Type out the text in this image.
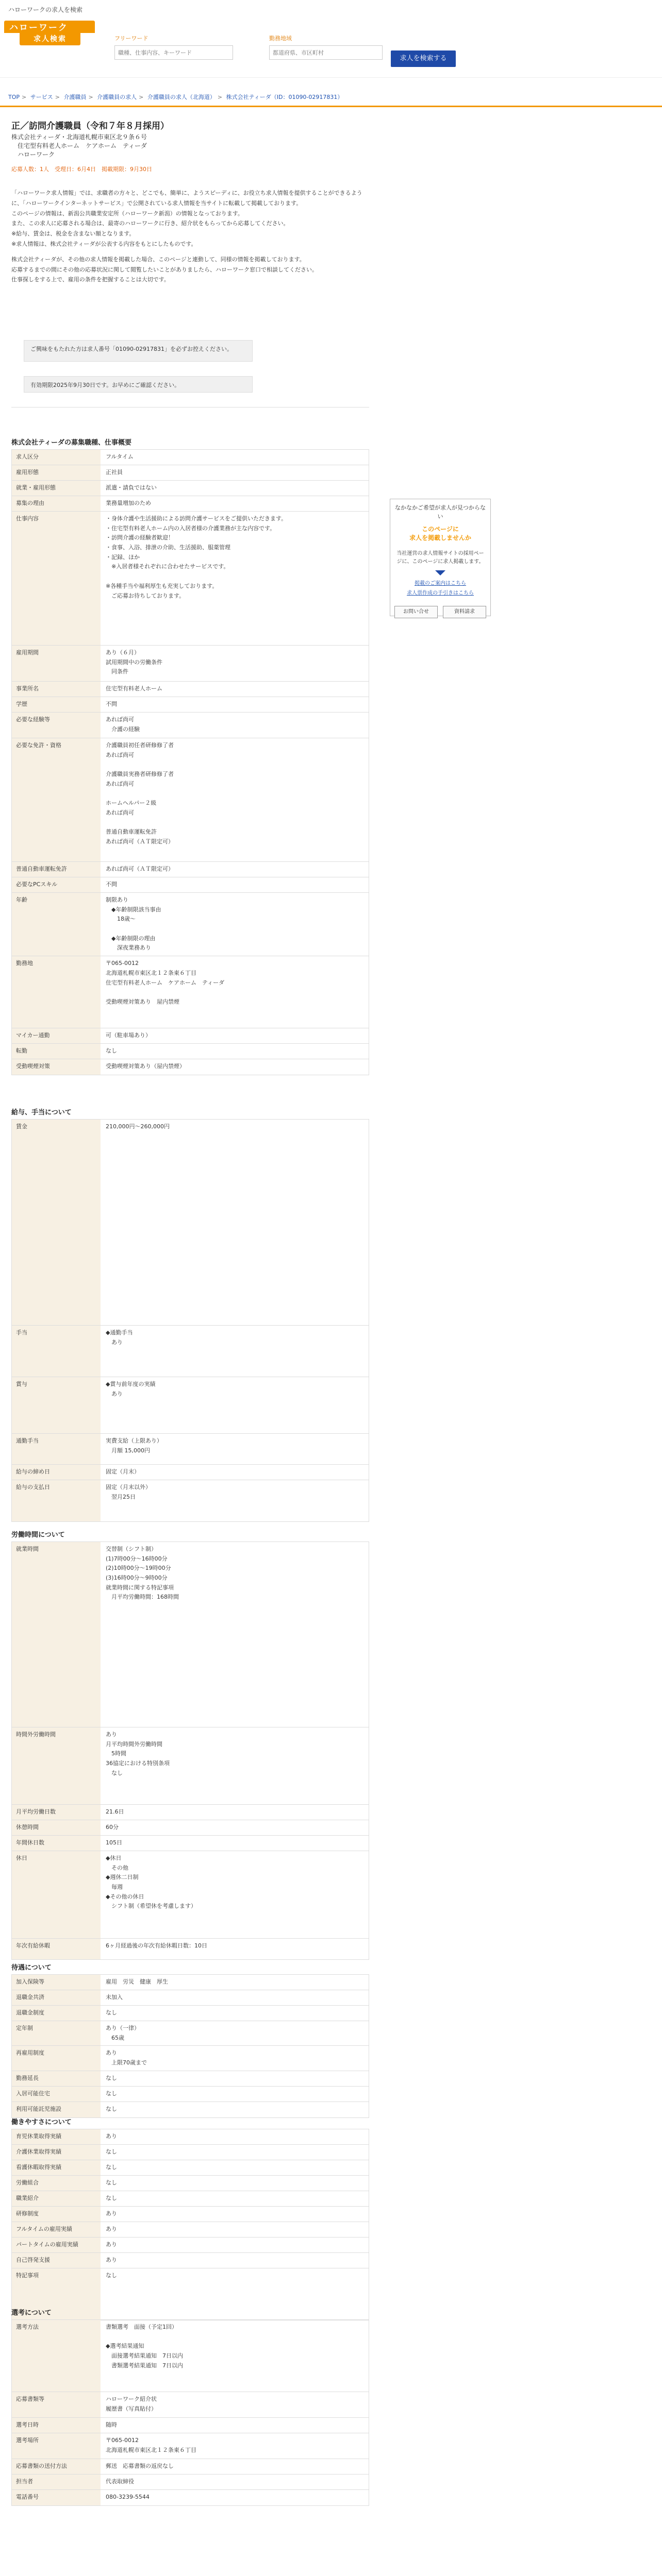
ハローワークの求人を検索
ハローワーク
求人検索	フリーワード
職種、仕事内容、キーワード	勤務地域
都道府県、市区町村
求人を検索する
TOP > サービス > 介護職員 > 介護職員の求人 > 介護職員の求人（北海道） > 株式会社ティーダ（ID：01090-02917831）
正／訪問介護職員（令和７年８月採用）
株式会社ティーダ・北海道札幌市東区北９条６号
　住宅型有料老人ホーム　ケアホーム　ティーダ
　ハローワーク
応募人数：1人　受理日：6月4日　掲載期限：9月30日

「ハローワーク求人情報」では、求職者の方々と、どこでも、簡単に、ようスピーディに、お役立ち求人情報を提供することができるように、「ハローワークインターネットサービス」で公開されている求人情報を当サイトに転載して掲載しております。

このページの情報は、新潟公共職業安定所（ハローワーク新潟）の情報となっております。

また、この求人に応募される場合は、最寄のハローワークに行き、紹介状をもらってから応募してください。

※給与、賃金は、税金を含まない額となります。

※求人情報は、株式会社ティーダが公表する内容をもとにしたものです。

株式会社ティーダが、その他の求人情報を掲載した場合、このページと連動して、同様の情報を掲載しております。

応募するまでの間にその他の応募状況に関して閲覧したいことがありましたら、ハローワーク窓口で相談してください。

仕事探しをする上で、雇用の条件を把握することは大切です。

ご興味をもたれた方は求人番号「01090-02917831」を必ずお控えください。
有効期限2025年9月30日です。お早めにご確認ください。
なかなかご希望が求人が見つからない
このページに
求人を掲載しませんか
当社運営の求人情報サイトの採用ページに、このページに求人掲載します。
掲載のご案内はこちら
求人票作成の手引きはこちら
お問い合せ	資料請求
株式会社ティーダの募集職種、仕事概要
求人区分	フルタイム
雇用形態	正社員
就業・雇用形態	派遣・請負ではない
募集の理由	業務量増加のため
仕事内容	・身体介護や生活援助による訪問介護サービスをご提供いただきます。
・住宅型有料老人ホーム内の入居者様の介護業務が主な内容です。
・訪問介護の経験者歓迎！
・食事、入浴、排泄の介助、生活援助、服薬管理
・記録、ほか
　※入居者様それぞれに合わせたサービスです。

※各種手当や福利厚生も充実しております。
　ご応募お待ちしております。
雇用期間	あり（６月）
試用期間中の労働条件
　同条件
事業所名	住宅型有料老人ホーム
学歴	不問
必要な経験等	あれば尚可
　介護の経験
必要な免許・資格	介護職員初任者研修修了者
あれば尚可

介護職員実務者研修修了者
あれば尚可

ホームヘルパー２級
あれば尚可

普通自動車運転免許
あれば尚可（ＡＴ限定可）
普通自動車運転免許	あれば尚可（ＡＴ限定可）
必要なPCスキル	不問
年齢	制限あり
　◆年齢制限該当事由
　　18歳〜

　◆年齢制限の理由
　　深夜業務あり
勤務地	〒065-0012
北海道札幌市東区北１２条東６丁目
住宅型有料老人ホーム　ケアホーム　ティーダ

受動喫煙対策あり　屋内禁煙
マイカー通勤	可（駐車場あり）
転勤	なし
受動喫煙対策	受動喫煙対策あり（屋内禁煙）
給与、手当について
賃金	210,000円〜260,000円
手当	◆通勤手当
　あり
賞与	◆賞与前年度の実績
　あり
通勤手当	実費支給（上限あり）
　月額 15,000円
給与の締め日	固定（月末）
給与の支払日	固定（月末以外）
　翌月25日
労働時間について
就業時間	交替制（シフト制）
(1)7時00分〜16時00分
(2)10時00分〜19時00分
(3)16時00分〜9時00分
就業時間に関する特記事項
　月平均労働時間：168時間
時間外労働時間	あり
月平均時間外労働時間
　5時間
36協定における特別条項
　なし
月平均労働日数	21.6日
休憩時間	60分
年間休日数	105日
休日	◆休日
　その他
◆週休二日制
　毎週
◆その他の休日
　シフト制（希望休を考慮します）
年次有給休暇	6ヶ月経過後の年次有給休暇日数：10日
待遇について
加入保険等	雇用　労災　健康　厚生
退職金共済	未加入
退職金制度	なし
定年制	あり（一律）
　65歳
再雇用制度	あり
　上限70歳まで
勤務延長	なし
入居可能住宅	なし
利用可能託児施設	なし
働きやすさについて
育児休業取得実績	あり
介護休業取得実績	なし
看護休暇取得実績	なし
労働組合	なし
職業紹介	なし
研修制度	あり
フルタイムの雇用実績	あり
パートタイムの雇用実績	あり
自己啓発支援	あり
特記事項	なし
選考について
選考方法	書類選考　面接（予定1回）

◆選考結果通知
　面接選考結果通知　7日以内
　書類選考結果通知　7日以内
応募書類等	ハローワーク紹介状
履歴書（写真貼付）
選考日時	随時
選考場所	〒065-0012
北海道札幌市東区北１２条東６丁目
応募書類の送付方法	郵送　応募書類の返戻なし
担当者	代表取締役
電話番号	080-3239-5544
